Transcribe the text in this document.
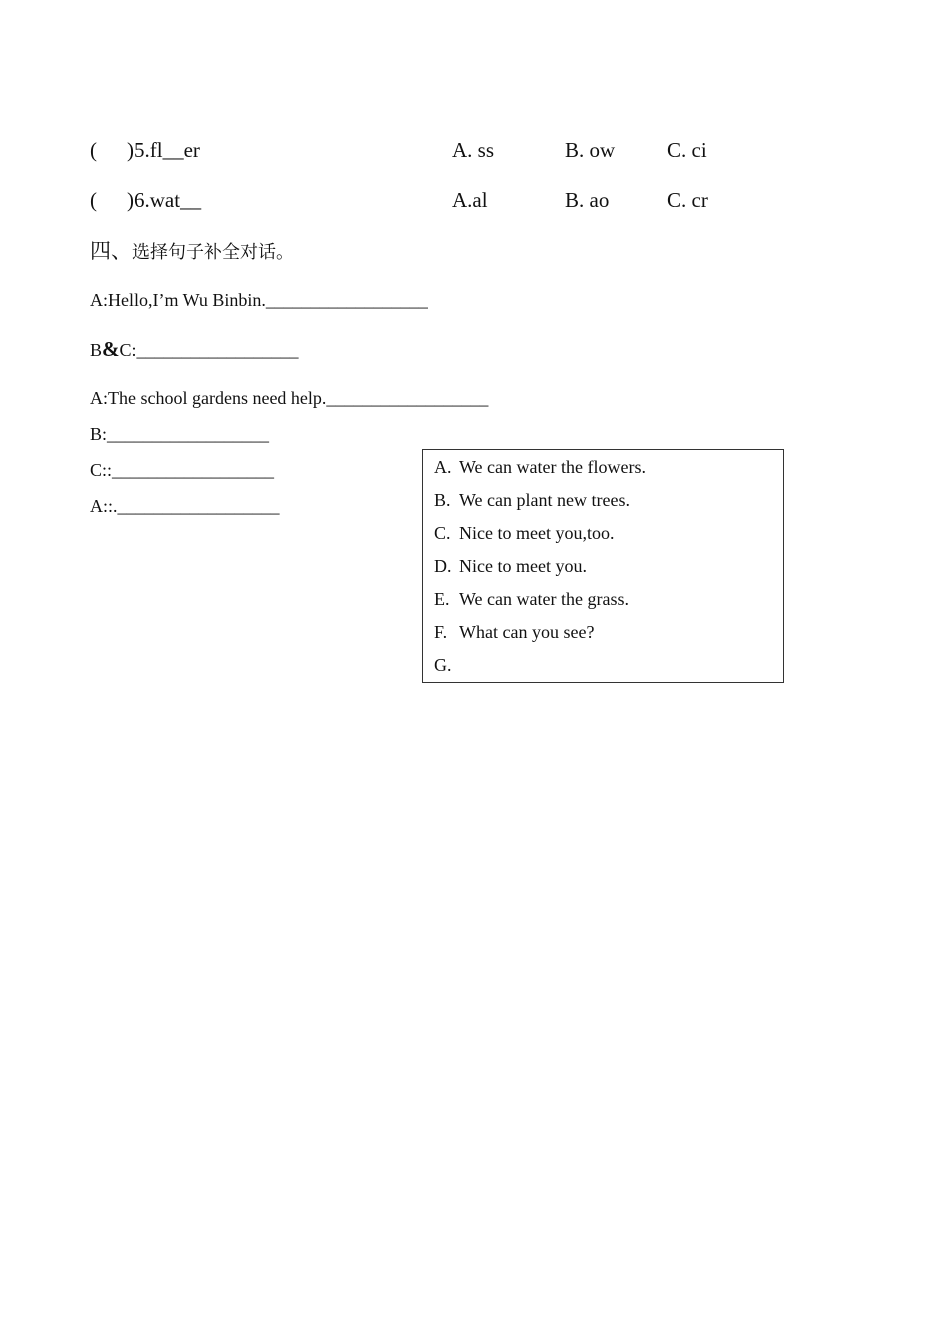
( )5.fl__er	A. ss	B. ow C. ci
( )6.wat__	A.al	B. ao	C. cr
四、选择句子补全对话。
A:Hello,I’m Wu Binbin.__________________
B&C:__________________
A:The school gardens need help.__________________
B:__________________
C::__________________
A::.__________________
A. We can water the flowers.
B. We can plant new trees.
C. Nice to meet you,too.
D. Nice to meet you.
E. We can water the grass.
F. What can you see?
G.
